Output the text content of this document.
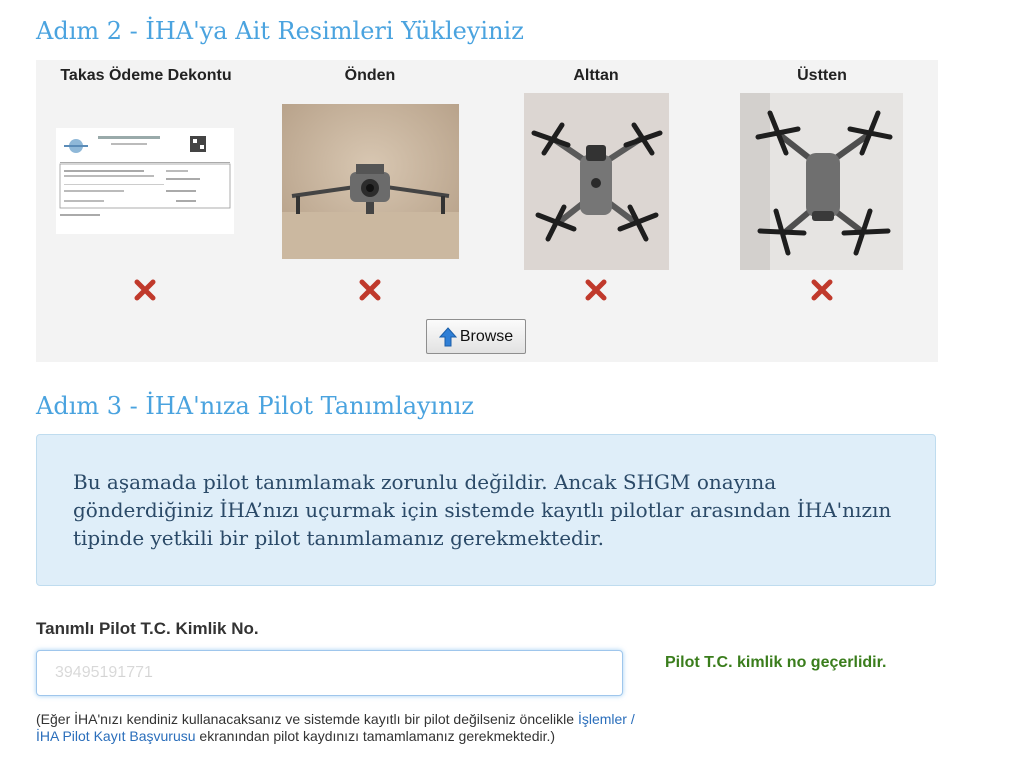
Adım 2 - İHA'ya Ait Resimleri Yükleyiniz
Takas Ödeme Dekontu	Önden	Alttan	Üstten
Browse
Adım 3 - İHA'nıza Pilot Tanımlayınız
Bu aşamada pilot tanımlamak zorunlu değildir. Ancak SHGM onayına gönderdiğiniz İHA’nızı uçurmak için sistemde kayıtlı pilotlar arasından İHA'nızın tipinde yetkili bir pilot tanımlamanız gerekmektedir.
Tanımlı Pilot T.C. Kimlik No.
39495191771
Pilot T.C. kimlik no geçerlidir.
(Eğer İHA'nızı kendiniz kullanacaksanız ve sistemde kayıtlı bir pilot değilseniz öncelikle İşlemler / İHA Pilot Kayıt Başvurusu ekranından pilot kaydınızı tamamlamanız gerekmektedir.)
